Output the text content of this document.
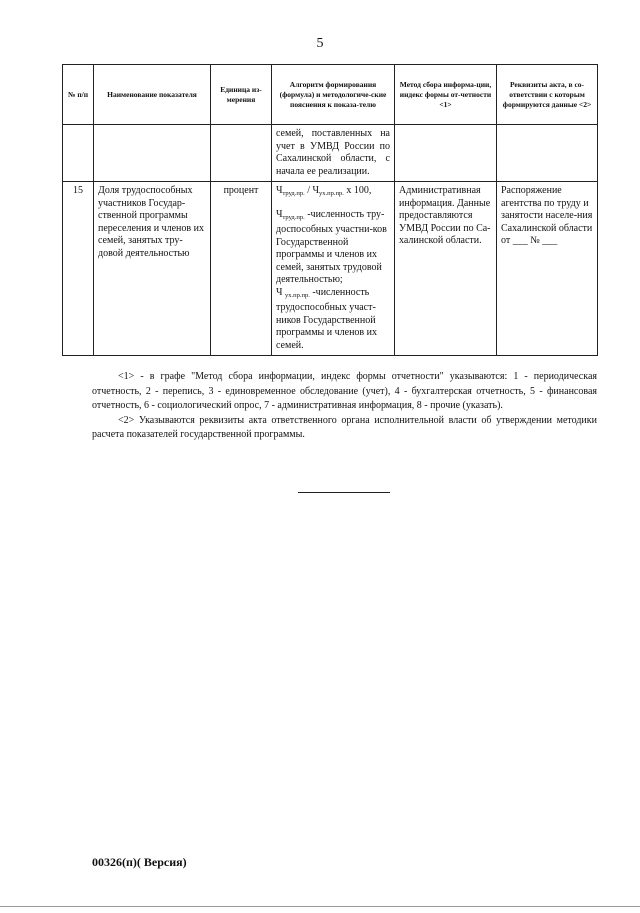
5
№ п/п	Наименование показателя	Единица из-мерения	Алгоритм формирования (формула) и методологиче-ские пояснения к показа-телю	Метод сбора информа-ции, индекс формы от-четности <1>	Реквизиты акта, в со-ответствии с которым формируются данные <2>
			семей, поставленных на учет в УМВД России по Сахалинской области, с начала ее реализации.		
15	Доля трудоспособных участников Государ-ственной программы переселения и членов их семей, занятых тру-довой деятельностью	процент	$Ч_{труд.пр.} / Ч_{ух.пр.пр.}$ х 100,
$Ч_{труд.пр.}$ -численность тру-доспособных участни-ков Государственной программы и членов их семей, занятых трудовой деятельностью;
Ч $_{ух.пр.пр.}$ -численность трудоспособных участ-ников Государственной программы и членов их семей.	Административная информация. Данные предоставляются УМВД России по Са-халинской области.	Распоряжение агентства по труду и занятости населе-ния Сахалинской области от ___ № ___

<1> - в графе "Метод сбора информации, индекс формы отчетности" указываются: 1 - периодическая отчетность, 2 - перепись, 3 - единовременное обследование (учет), 4 - бухгалтерская отчетность, 5 - финансовая отчетность, 6 - социологический опрос, 7 - административная информация, 8 - прочие (указать).

<2> Указываются реквизиты акта ответственного органа исполнительной власти об утверждении методики расчета показателей государственной программы.

00326(п)( Версия)
